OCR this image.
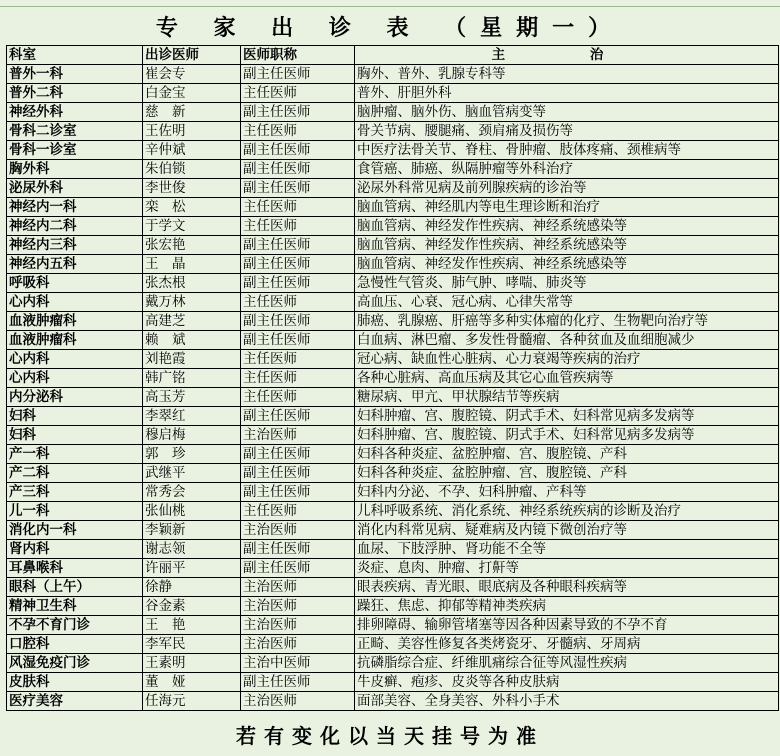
专 家 出 诊 表 （星期一）
科室	出诊医师	医师职称	主 治
普外一科	崔会专	副主任医师	胸外、普外、乳腺专科等
普外二科	白金宝	主任医师	普外、肝胆外科
神经外科	慈　新	副主任医师	脑肿瘤、脑外伤、脑血管病变等
骨科二诊室	王佐明	主任医师	骨关节病、腰腿痛、颈肩痛及损伤等
骨科一诊室	辛仲斌	副主任医师	中医疗法骨关节、脊柱、骨肿瘤、肢体疼痛、颈椎病等
胸外科	朱伯锁	副主任医师	食管癌、肺癌、纵隔肿瘤等外科治疗
泌尿外科	李世俊	副主任医师	泌尿外科常见病及前列腺疾病的诊治等
神经内一科	栾　松	主任医师	脑血管病、神经肌内等电生理诊断和治疗
神经内二科	于学文	主任医师	脑血管病、神经发作性疾病、神经系统感染等
神经内三科	张宏艳	副主任医师	脑血管病、神经发作性疾病、神经系统感染等
神经内五科	王　晶	副主任医师	脑血管病、神经发作性疾病、神经系统感染等
呼吸科	张杰根	副主任医师	急慢性气管炎、肺气肿、哮喘、肺炎等
心内科	戴万林	主任医师	高血压、心衰、冠心病、心律失常等
血液肿瘤科	高建芝	副主任医师	肺癌、乳腺癌、肝癌等多种实体瘤的化疗、生物靶向治疗等
血液肿瘤科	赖　斌	副主任医师	白血病、淋巴瘤、多发性骨髓瘤、各种贫血及血细胞减少
心内科	刘艳霞	主任医师	冠心病、缺血性心脏病、心力衰竭等疾病的治疗
心内科	韩广铭	主任医师	各种心脏病、高血压病及其它心血管疾病等
内分泌科	高玉芳	主任医师	糖尿病、甲亢、甲状腺结节等疾病
妇科	李翠红	副主任医师	妇科肿瘤、宫、腹腔镜、阴式手术、妇科常见病多发病等
妇科	穆启梅	主治医师	妇科肿瘤、宫、腹腔镜、阴式手术、妇科常见病多发病等
产一科	郭　珍	副主任医师	妇科各种炎症、盆腔肿瘤、宫、腹腔镜、产科
产二科	武继平	副主任医师	妇科各种炎症、盆腔肿瘤、宫、腹腔镜、产科
产三科	常秀会	副主任医师	妇科内分泌、不孕、妇科肿瘤、产科等
儿一科	张仙桃	主任医师	儿科呼吸系统、消化系统、神经系统疾病的诊断及治疗
消化内一科	李颖新	主治医师	消化内科常见病、疑难病及内镜下微创治疗等
肾内科	谢志领	副主任医师	血尿、下肢浮肿、肾功能不全等
耳鼻喉科	许丽平	副主任医师	炎症、息肉、肿瘤、打鼾等
眼科（上午）	徐静	主治医师	眼表疾病、青光眼、眼底病及各种眼科疾病等
精神卫生科	谷金素	主治医师	躁狂、焦虑、抑郁等精神类疾病
不孕不育门诊	王　艳	主治医师	排卵障碍、输卵管堵塞等因各种因素导致的不孕不育
口腔科	李军民	主治医师	正畸、美容性修复各类烤瓷牙、牙髓病、牙周病
风湿免疫门诊	王素明	主治中医师	抗磷脂综合症、纤维肌痛综合征等风湿性疾病
皮肤科	董　娅	副主任医师	牛皮癣、疱疹、皮炎等各种皮肤病
医疗美容	任海元	主治医师	面部美容、全身美容、外科小手术
若有变化以当天挂号为准
